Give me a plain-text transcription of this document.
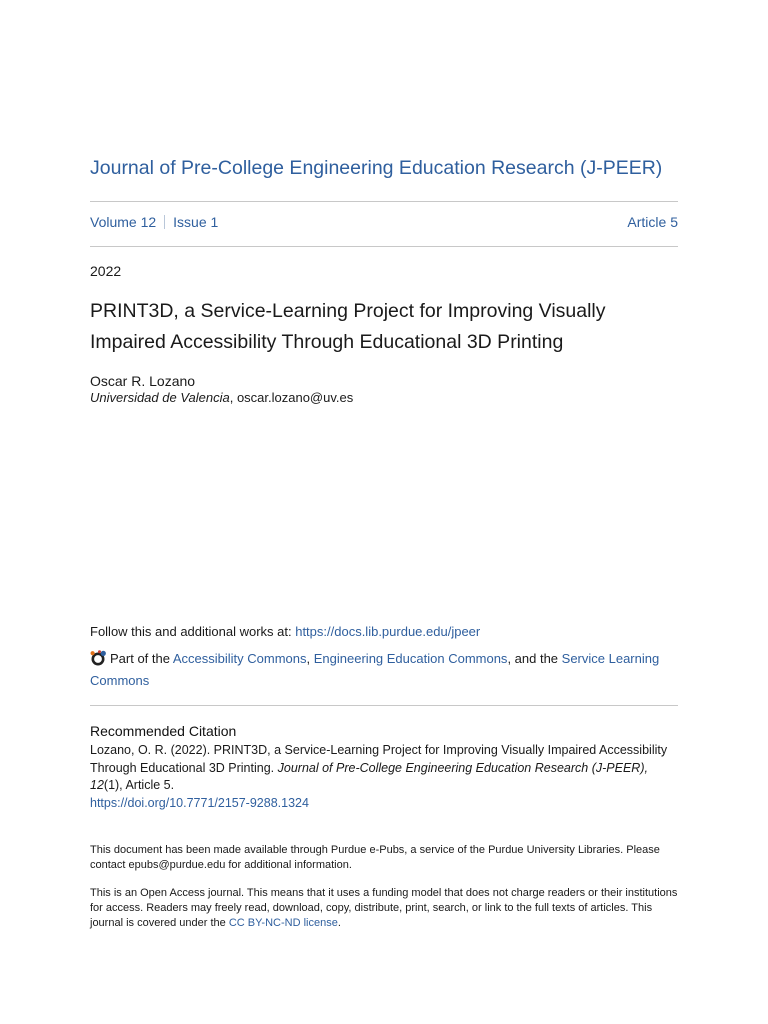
Journal of Pre-College Engineering Education Research (J-PEER)
Volume 12 Issue 1	Article 5
2022
PRINT3D, a Service-Learning Project for Improving Visually Impaired Accessibility Through Educational 3D Printing
Oscar R. Lozano
Universidad de Valencia, oscar.lozano@uv.es
Follow this and additional works at: https://docs.lib.purdue.edu/jpeer
Part of the Accessibility Commons, Engineering Education Commons, and the Service Learning Commons
Recommended Citation
Lozano, O. R. (2022). PRINT3D, a Service-Learning Project for Improving Visually Impaired Accessibility Through Educational 3D Printing. Journal of Pre-College Engineering Education Research (J-PEER), 12(1), Article 5.
https://doi.org/10.7771/2157-9288.1324
This document has been made available through Purdue e-Pubs, a service of the Purdue University Libraries. Please contact epubs@purdue.edu for additional information.
This is an Open Access journal. This means that it uses a funding model that does not charge readers or their institutions for access. Readers may freely read, download, copy, distribute, print, search, or link to the full texts of articles. This journal is covered under the CC BY-NC-ND license.
